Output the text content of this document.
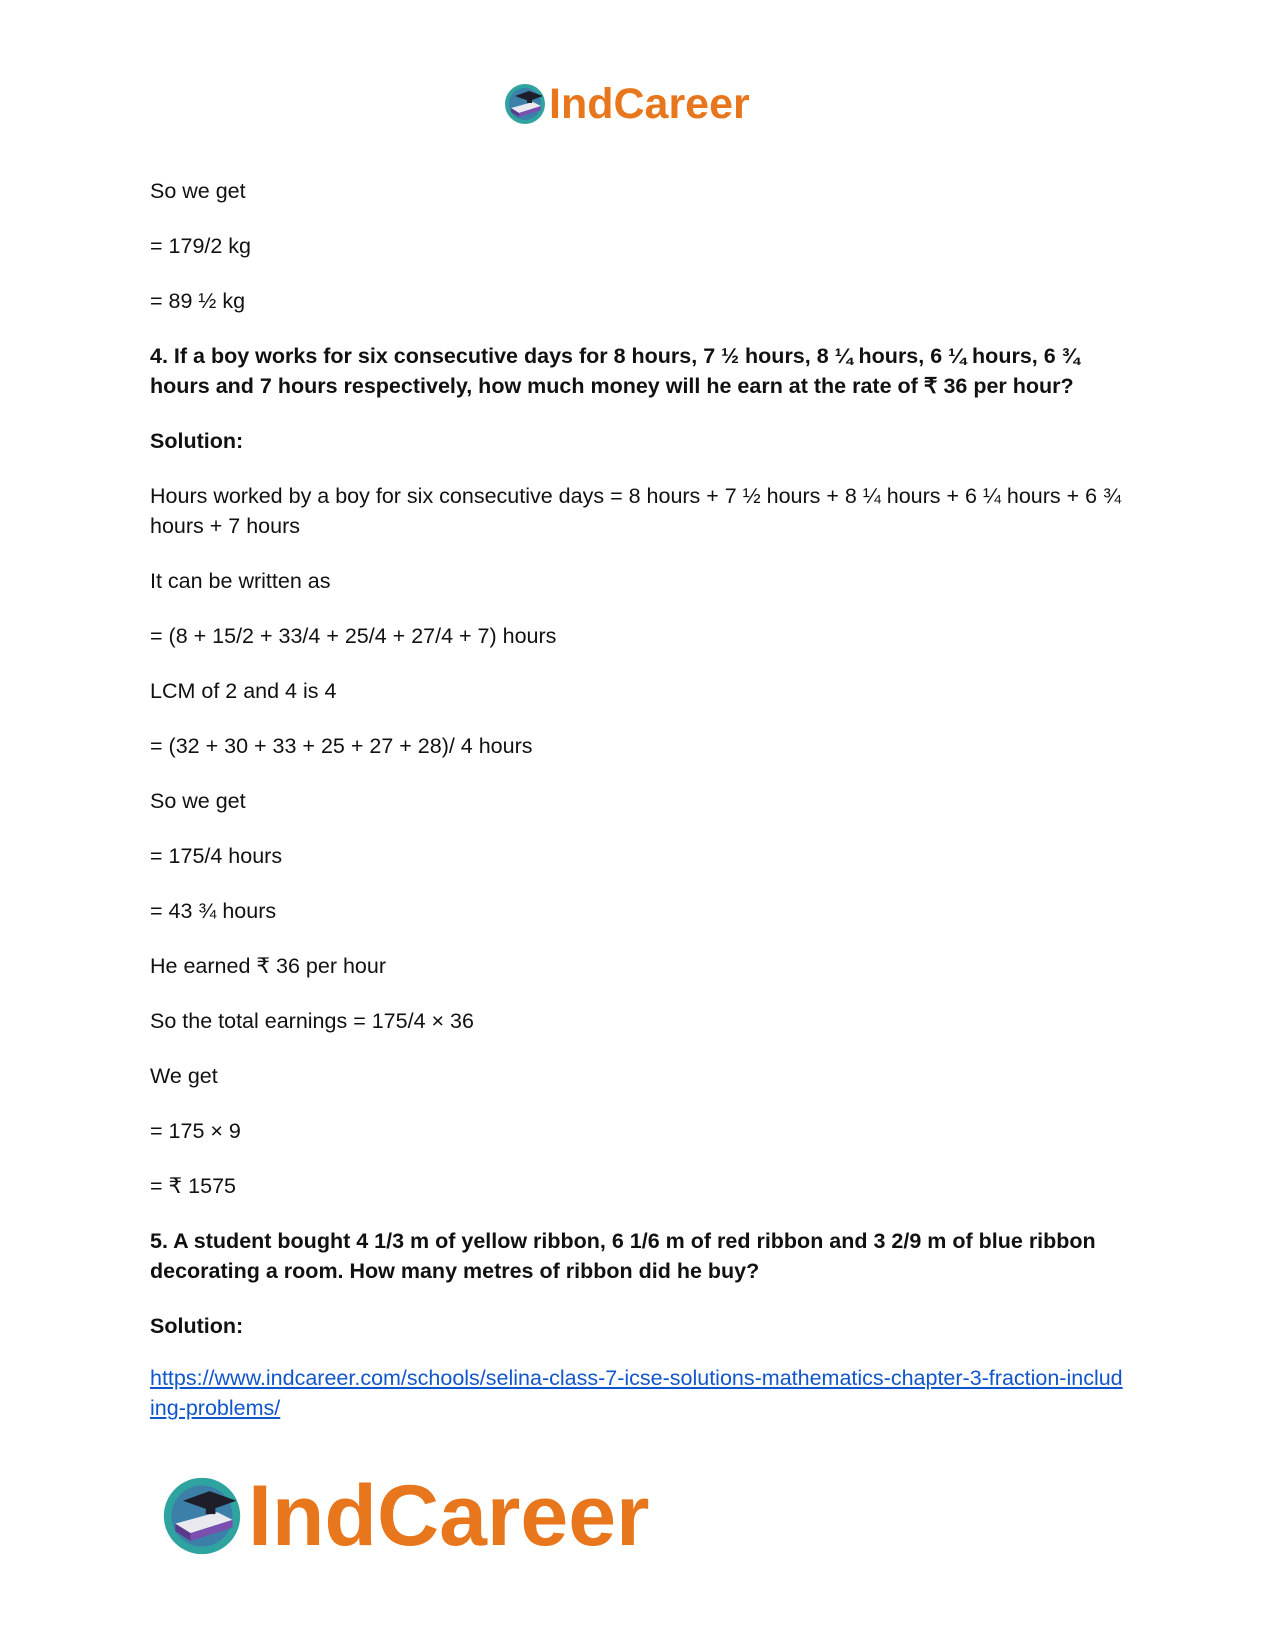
IndCareer

So we get

= 179/2 kg

= 89 ½ kg

4. If a boy works for six consecutive days for 8 hours, 7 ½ hours, 8 ¼ hours, 6 ¼ hours, 6 ¾ hours and 7 hours respectively, how much money will he earn at the rate of ₹ 36 per hour?

Solution:

Hours worked by a boy for six consecutive days = 8 hours + 7 ½ hours + 8 ¼ hours + 6 ¼ hours + 6 ¾ hours + 7 hours

It can be written as

= (8 + 15/2 + 33/4 + 25/4 + 27/4 + 7) hours

LCM of 2 and 4 is 4

= (32 + 30 + 33 + 25 + 27 + 28)/ 4 hours

So we get

= 175/4 hours

= 43 ¾ hours

He earned ₹ 36 per hour

So the total earnings = 175/4 × 36

We get

= 175 × 9

= ₹ 1575

5. A student bought 4 1/3 m of yellow ribbon, 6 1/6 m of red ribbon and 3 2/9 m of blue ribbon decorating a room. How many metres of ribbon did he buy?

Solution:

https://www.indcareer.com/schools/selina-class-7-icse-solutions-mathematics-chapter-3-fraction-including-problems/

IndCareer
